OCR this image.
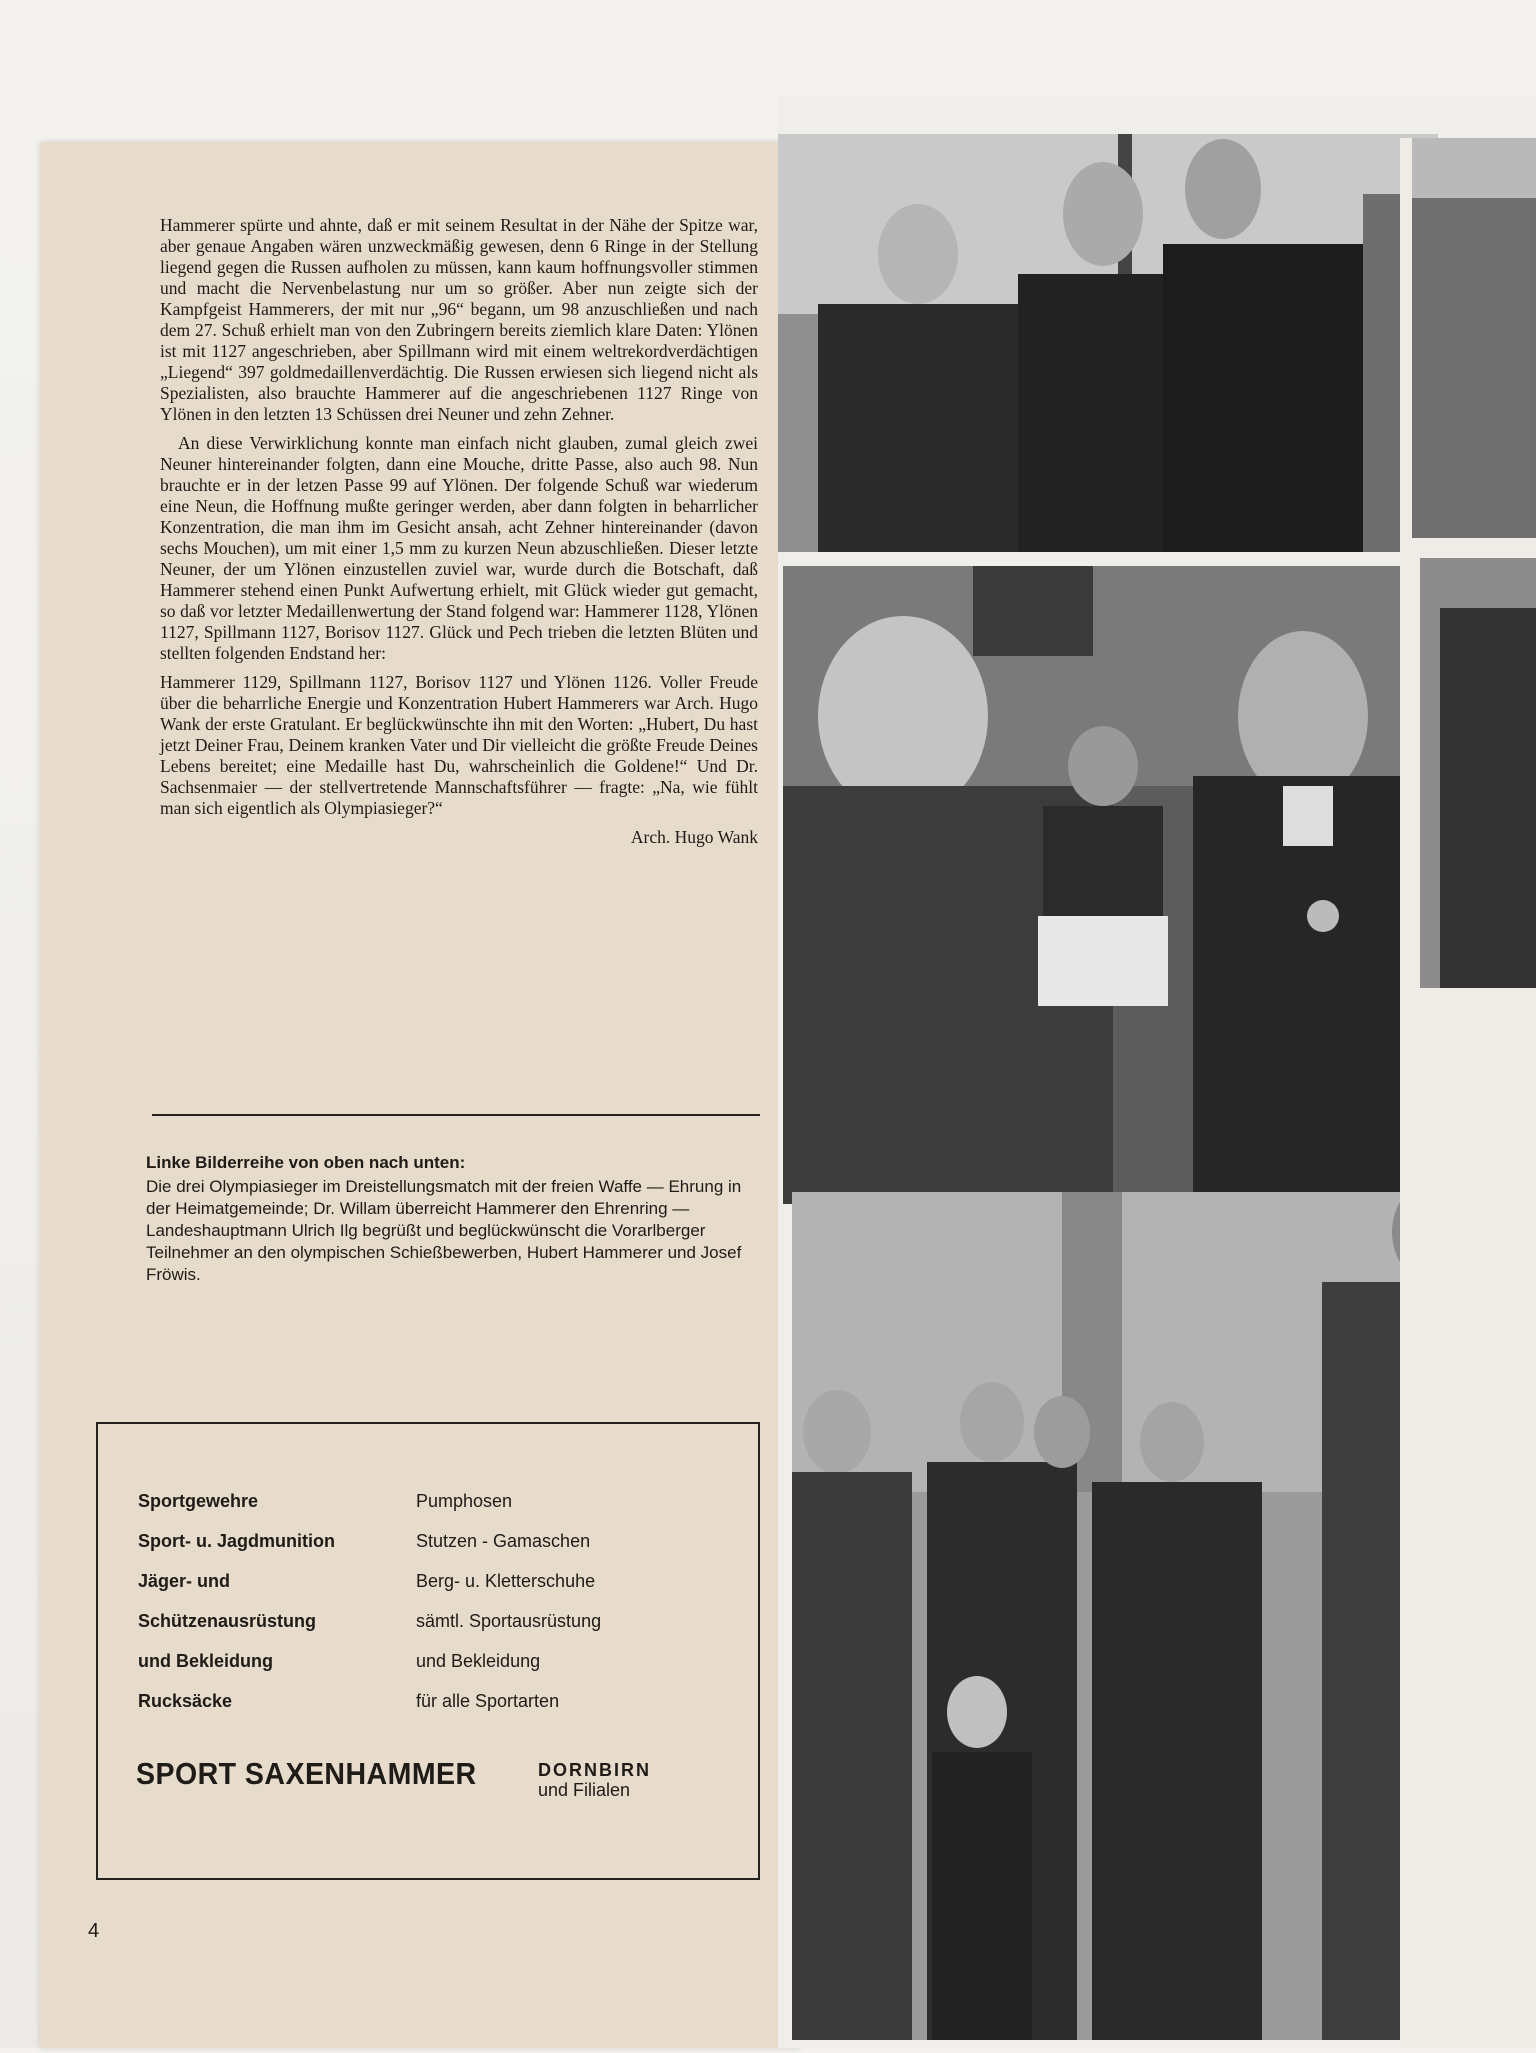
Hammerer spürte und ahnte, daß er mit seinem Resultat in der Nähe der Spitze war, aber genaue Angaben wären unzweckmäßig gewesen, denn 6 Ringe in der Stellung liegend gegen die Russen aufholen zu müssen, kann kaum hoffnungsvoller stimmen und macht die Nervenbelastung nur um so größer. Aber nun zeigte sich der Kampfgeist Hammerers, der mit nur „96“ begann, um 98 anzuschließen und nach dem 27. Schuß erhielt man von den Zubringern bereits ziemlich klare Daten: Ylönen ist mit 1127 angeschrieben, aber Spillmann wird mit einem weltrekordverdächtigen „Liegend“ 397 goldmedaillenverdächtig. Die Russen erwiesen sich liegend nicht als Spezialisten, also brauchte Hammerer auf die angeschriebenen 1127 Ringe von Ylönen in den letzten 13 Schüssen drei Neuner und zehn Zehner.

An diese Verwirklichung konnte man einfach nicht glauben, zumal gleich zwei Neuner hintereinander folgten, dann eine Mouche, dritte Passe, also auch 98. Nun brauchte er in der letzen Passe 99 auf Ylönen. Der folgende Schuß war wiederum eine Neun, die Hoffnung mußte geringer werden, aber dann folgten in beharrlicher Konzentration, die man ihm im Gesicht ansah, acht Zehner hintereinander (davon sechs Mouchen), um mit einer 1,5 mm zu kurzen Neun abzuschließen. Dieser letzte Neuner, der um Ylönen einzustellen zuviel war, wurde durch die Botschaft, daß Hammerer stehend einen Punkt Aufwertung erhielt, mit Glück wieder gut gemacht, so daß vor letzter Medaillenwertung der Stand folgend war: Hammerer 1128, Ylönen 1127, Spillmann 1127, Borisov 1127. Glück und Pech trieben die letzten Blüten und stellten folgenden Endstand her:

Hammerer 1129, Spillmann 1127, Borisov 1127 und Ylönen 1126. Voller Freude über die beharrliche Energie und Konzentration Hubert Hammerers war Arch. Hugo Wank der erste Gratulant. Er beglückwünschte ihn mit den Worten: „Hubert, Du hast jetzt Deiner Frau, Deinem kranken Vater und Dir vielleicht die größte Freude Deines Lebens bereitet; eine Medaille hast Du, wahrscheinlich die Goldene!“ Und Dr. Sachsenmaier — der stellvertretende Mannschaftsführer — fragte: „Na, wie fühlt man sich eigentlich als Olympiasieger?“

Arch. Hugo Wank
Linke Bilderreihe von oben nach unten:
Die drei Olympiasieger im Dreistellungsmatch mit der freien Waffe — Ehrung in der Heimatgemeinde; Dr. Willam überreicht Hammerer den Ehrenring — Landeshauptmann Ulrich Ilg begrüßt und beglückwünscht die Vorarlberger Teilnehmer an den olympischen Schießbewerben, Hubert Hammerer und Josef Fröwis.
Sportgewehre
Sport- u. Jagdmunition
Jäger- und
Schützenausrüstung
und Bekleidung
Rucksäcke
Pumphosen
Stutzen - Gamaschen
Berg- u. Kletterschuhe
sämtl. Sportausrüstung
und Bekleidung
für alle Sportarten
SPORT SAXENHAMMER	DORNBIRN
und Filialen
4
